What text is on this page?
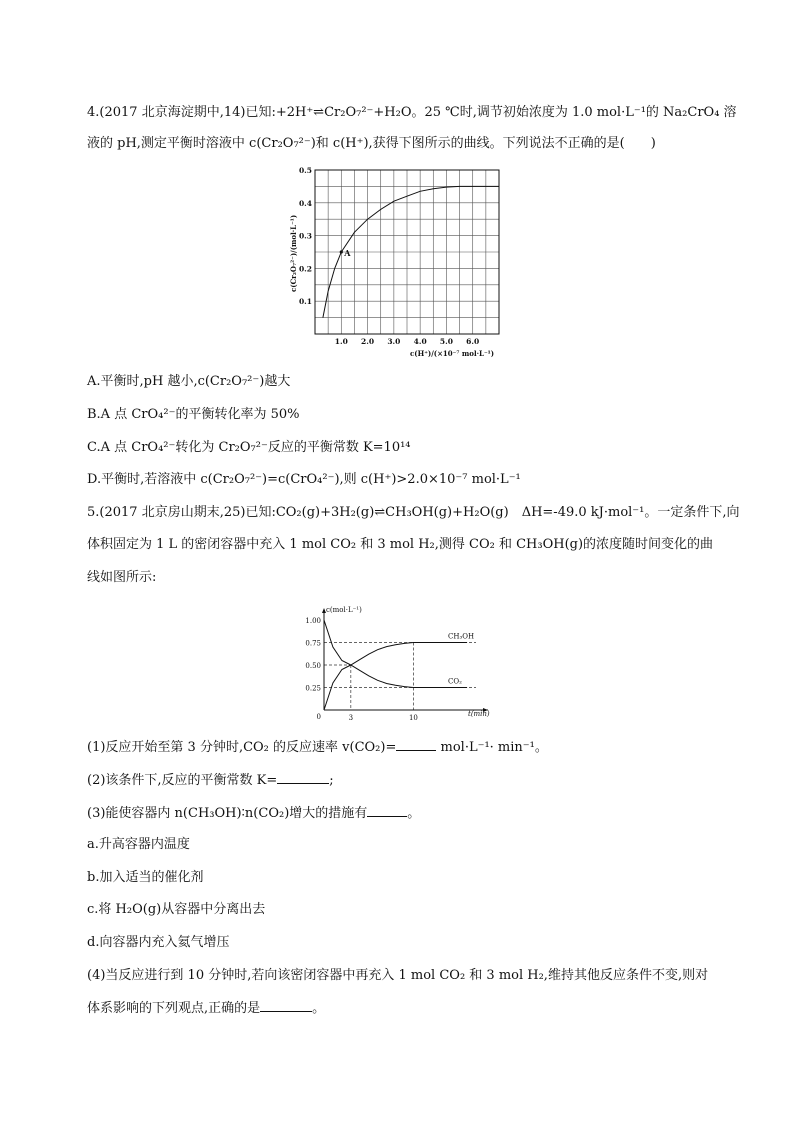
4.(2017 北京海淀期中,14)已知:+2H⁺⇌Cr₂O₇²⁻+H₂O。25 ℃时,调节初始浓度为 1.0 mol·L⁻¹的 Na₂CrO₄ 溶
液的 pH,测定平衡时溶液中 c(Cr₂O₇²⁻)和 c(H⁺),获得下图所示的曲线。下列说法不正确的是(　　)
1.0 2.0 3.0 4.0 5.0 6.0
0.1
0.2
0.3
0.4
0.5
A
c(Cr₂O₇²⁻)/(mol·L⁻¹)
c(H⁺)/(×10⁻⁷ mol·L⁻¹)
A.平衡时,pH 越小,c(Cr₂O₇²⁻)越大
B.A 点 CrO₄²⁻的平衡转化率为 50%
C.A 点 CrO₄²⁻转化为 Cr₂O₇²⁻反应的平衡常数 K=10¹⁴
D.平衡时,若溶液中 c(Cr₂O₇²⁻)=c(CrO₄²⁻),则 c(H⁺)>2.0×10⁻⁷ mol·L⁻¹
5.(2017 北京房山期末,25)已知:CO₂(g)+3H₂(g)⇌CH₃OH(g)+H₂O(g)　ΔH=-49.0 kJ·mol⁻¹。一定条件下,向
体积固定为 1 L 的密闭容器中充入 1 mol CO₂ 和 3 mol H₂,测得 CO₂ 和 CH₃OH(g)的浓度随时间变化的曲
线如图所示:
0
0.25
0.50
0.75
1.00
3	10
CH₃OH
CO₂
c(mol·L⁻¹)
t(min)
(1)反应开始至第 3 分钟时,CO₂ 的反应速率 v(CO₂)=	mol·L⁻¹· min⁻¹。
(2)该条件下,反应的平衡常数 K=	;
(3)能使容器内 n(CH₃OH)∶n(CO₂)增大的措施有	。
a.升高容器内温度
b.加入适当的催化剂
c.将 H₂O(g)从容器中分离出去
d.向容器内充入氦气增压
(4)当反应进行到 10 分钟时,若向该密闭容器中再充入 1 mol CO₂ 和 3 mol H₂,维持其他反应条件不变,则对
体系影响的下列观点,正确的是	。
